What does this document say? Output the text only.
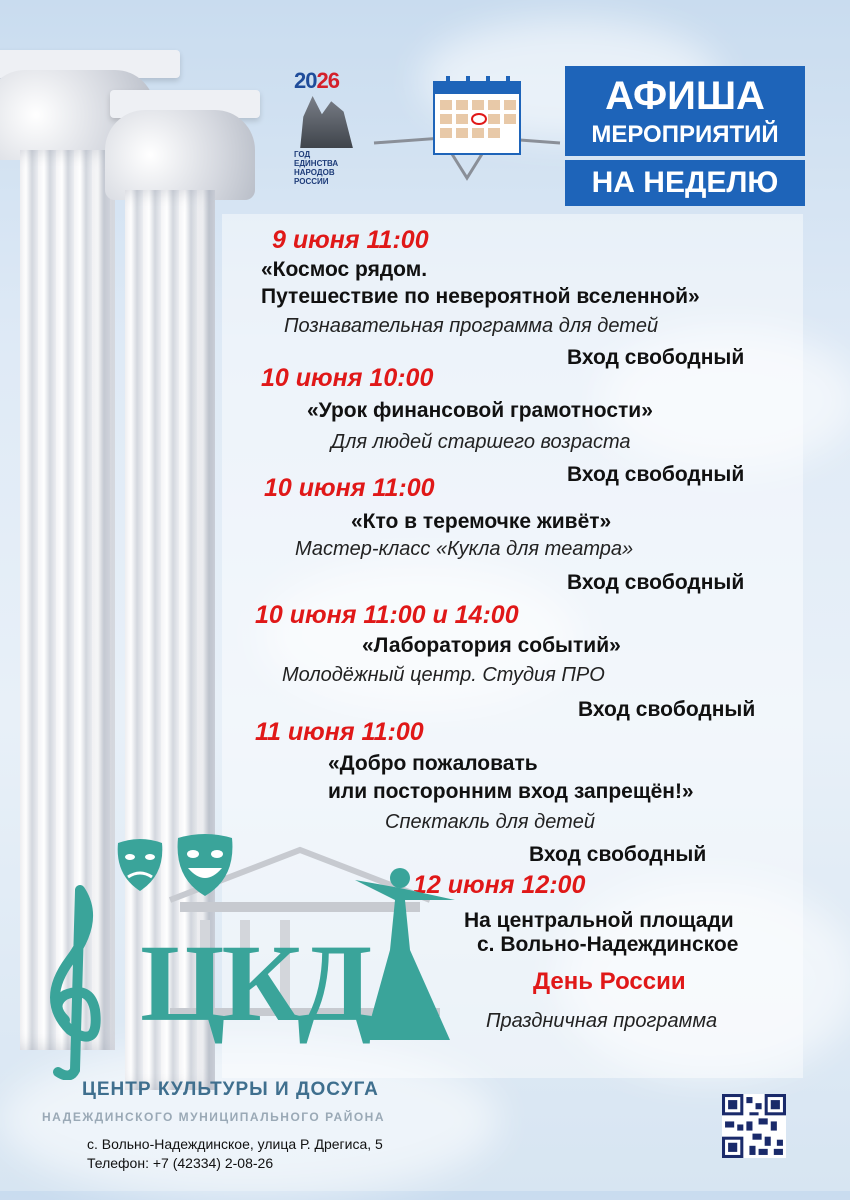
2026
ГОД
ЕДИНСТВА
НАРОДОВ
РОССИИ
АФИША
МЕРОПРИЯТИЙ
НА НЕДЕЛЮ
9 июня 11:00
«Космос рядом.
Путешествие по невероятной вселенной»
Познавательная программа для детей
Вход свободный
10 июня 10:00
«Урок финансовой грамотности»
Для людей старшего возраста
Вход свободный
10 июня 11:00
«Кто в теремочке живёт»
Мастер-класс «Кукла для театра»
Вход свободный
10 июня 11:00 и 14:00
«Лаборатория событий»
Молодёжный центр. Студия ПРО
Вход свободный
11 июня 11:00
«Добро пожаловать
или посторонним вход запрещён!»
Спектакль для детей
Вход свободный
12 июня 12:00
На центральной площади
с. Вольно-Надеждинское
День России
Праздничная программа
ЦКД
ЦЕНТР КУЛЬТУРЫ И ДОСУГА
НАДЕЖДИНСКОГО МУНИЦИПАЛЬНОГО РАЙОНА
с. Вольно-Надеждинское, улица Р. Дрегиса, 5
Телефон: +7 (42334) 2-08-26
